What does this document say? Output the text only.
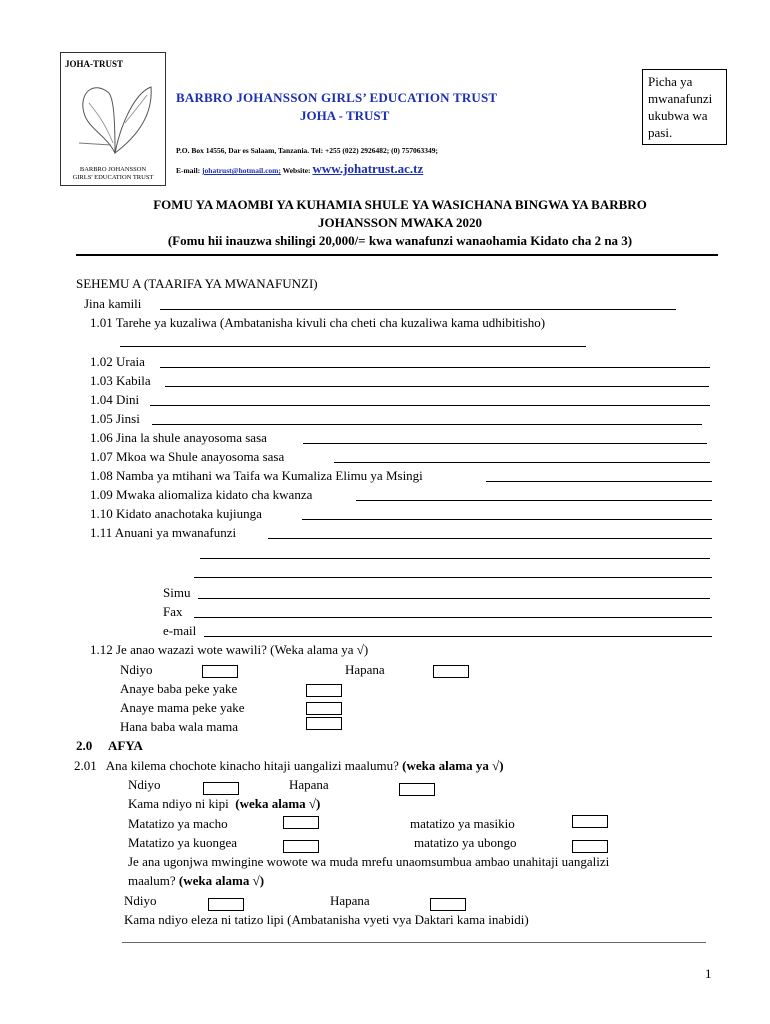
JOHA-TRUST
BARBRO JOHANSSON
GIRLS' EDUCATION TRUST
BARBRO JOHANSSON GIRLS’ EDUCATION TRUST
JOHA - TRUST
Picha ya mwanafunzi ukubwa wa pasi.
P.O. Box 14556, Dar es Salaam, Tanzania. Tel: +255 (022) 2926482; (0) 757063349;
E-mail: johatrust@hotmail.com; Website: www.johatrust.ac.tz
FOMU YA MAOMBI YA KUHAMIA SHULE YA WASICHANA BINGWA YA BARBRO
JOHANSSON MWAKA 2020
(Fomu hii inauzwa shilingi 20,000/= kwa wanafunzi wanaohamia Kidato cha 2 na 3)
SEHEMU A (TAARIFA YA MWANAFUNZI)
Jina kamili
1.01 Tarehe ya kuzaliwa (Ambatanisha kivuli cha cheti cha kuzaliwa kama udhibitisho)
1.02 Uraia
1.03 Kabila
1.04 Dini
1.05 Jinsi
1.06 Jina la shule anayosoma sasa
1.07 Mkoa wa Shule anayosoma sasa
1.08 Namba ya mtihani wa Taifa wa Kumaliza Elimu ya Msingi
1.09 Mwaka aliomaliza kidato cha kwanza
1.10 Kidato anachotaka kujiunga
1.11 Anuani ya mwanafunzi
Simu
Fax
e-mail
1.12 Je anao wazazi wote wawili? (Weka alama ya √)
Ndiyo	Hapana
Anaye baba peke yake
Anaye mama peke yake
Hana baba wala mama
2.0 AFYA
2.01 Ana kilema chochote kinacho hitaji uangalizi maalumu? (weka alama ya √)
Ndiyo	Hapana
Kama ndiyo ni kipi (weka alama √)
Matatizo ya macho	matatizo ya masikio
Matatizo ya kuongea	matatizo ya ubongo
Je ana ugonjwa mwingine wowote wa muda mrefu unaomsumbua ambao unahitaji uangalizi
maalum? (weka alama √)
Ndiyo	Hapana
Kama ndiyo eleza ni tatizo lipi (Ambatanisha vyeti vya Daktari kama inabidi)
1
